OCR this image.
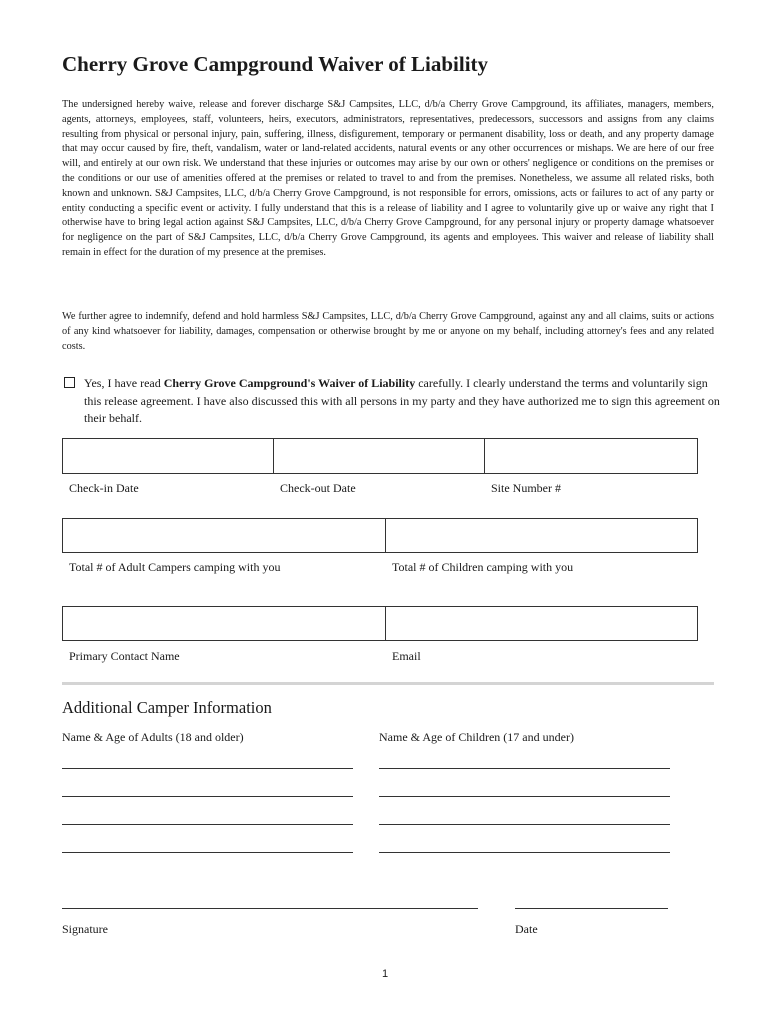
Cherry Grove Campground Waiver of Liability

The undersigned hereby waive, release and forever discharge S&J Campsites, LLC, d/b/a Cherry Grove Campground, its affiliates, managers, members, agents, attorneys, employees, staff, volunteers, heirs, executors, administrators, representatives, predecessors, successors and assigns from any claims resulting from physical or personal injury, pain, suffering, illness, disfigurement, temporary or permanent disability, loss or death, and any property damage that may occur caused by fire, theft, vandalism, water or land-related accidents, natural events or any other occurrences or mishaps. We are here of our free will, and entirely at our own risk. We understand that these injuries or outcomes may arise by our own or others' negligence or conditions on the premises or the conditions or our use of amenities offered at the premises or related to travel to and from the premises. Nonetheless, we assume all related risks, both known and unknown. S&J Campsites, LLC, d/b/a Cherry Grove Campground, is not responsible for errors, omissions, acts or failures to act of any party or entity conducting a specific event or activity. I fully understand that this is a release of liability and I agree to voluntarily give up or waive any right that I otherwise have to bring legal action against S&J Campsites, LLC, d/b/a Cherry Grove Campground, for any personal injury or property damage whatsoever for negligence on the part of S&J Campsites, LLC, d/b/a Cherry Grove Campground, its agents and employees. This waiver and release of liability shall remain in effect for the duration of my presence at the premises.

We further agree to indemnify, defend and hold harmless S&J Campsites, LLC, d/b/a Cherry Grove Campground, against any and all claims, suits or actions of any kind whatsoever for liability, damages, compensation or otherwise brought by me or anyone on my behalf, including attorney's fees and any related costs.

Yes, I have read Cherry Grove Campground's Waiver of Liability carefully. I clearly understand the terms and voluntarily sign this release agreement. I have also discussed this with all persons in my party and they have authorized me to sign this agreement on their behalf.

Check-in Date	Check-out Date	Site Number #

Total # of Adult Campers camping with you	Total # of Children camping with you

Primary Contact Name	Email

Additional Camper Information

Name & Age of Adults (18 and older)	Name & Age of Children (17 and under)

Signature	Date

1
